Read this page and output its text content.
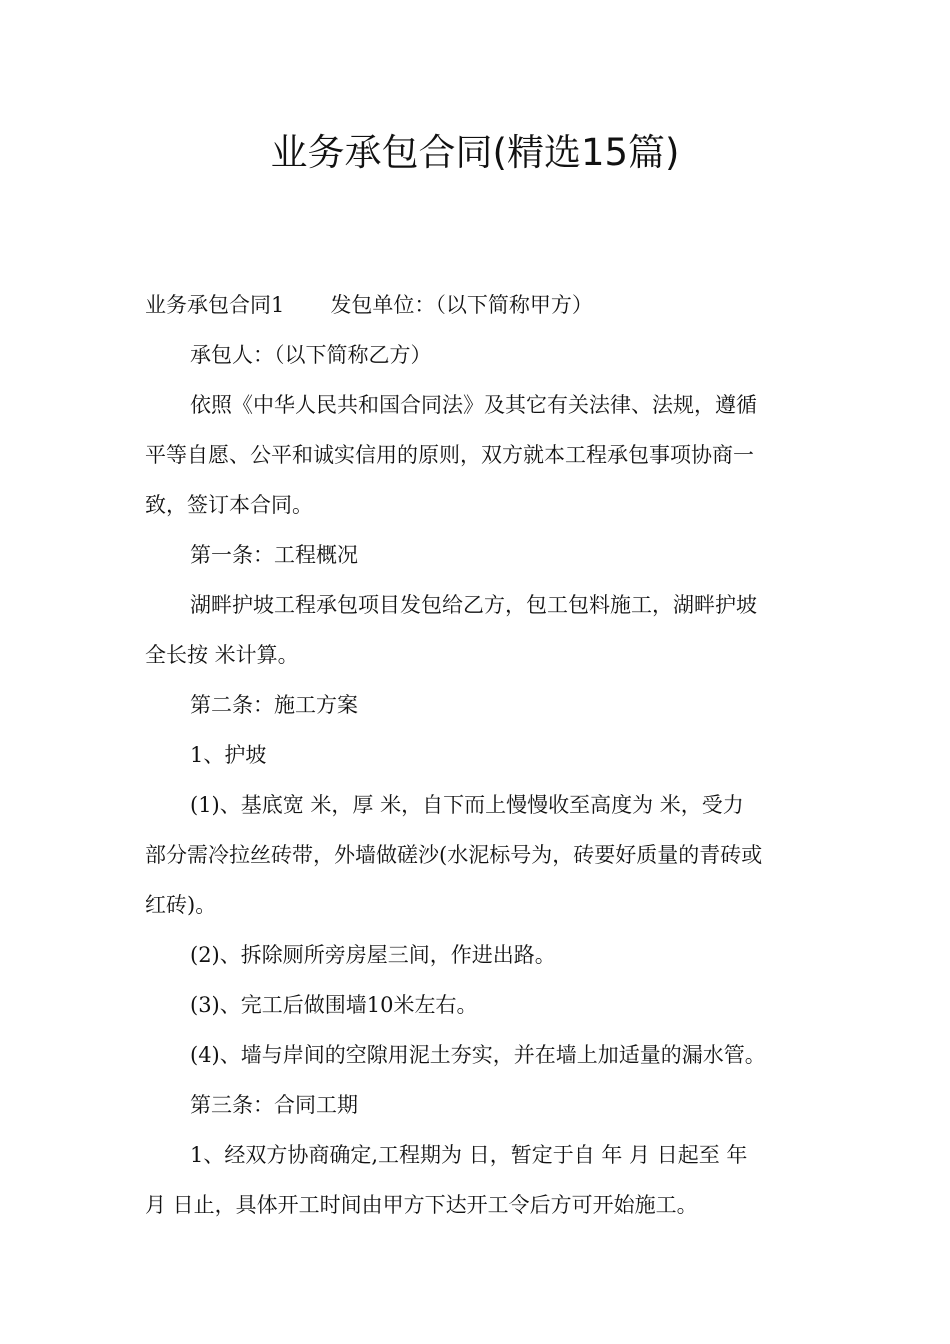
业务承包合同(精选15篇)
业务承包合同1 发包单位：（以下简称甲方）
承包人：（以下简称乙方）
依照《中华人民共和国合同法》及其它有关法律、法规，遵循
平等自愿、公平和诚实信用的原则，双方就本工程承包事项协商一
致，签订本合同。
第一条：工程概况
湖畔护坡工程承包项目发包给乙方，包工包料施工，湖畔护坡
全长按 米计算。
第二条：施工方案
1、护坡
(1)、基底宽 米，厚 米，自下而上慢慢收至高度为 米，受力
部分需冷拉丝砖带，外墙做磋沙(水泥标号为，砖要好质量的青砖或
红砖)。
(2)、拆除厕所旁房屋三间，作进出路。
(3)、完工后做围墙10米左右。
(4)、墙与岸间的空隙用泥土夯实，并在墙上加适量的漏水管。
第三条：合同工期
1、经双方协商确定,工程期为 日，暂定于自 年 月 日起至 年
月 日止，具体开工时间由甲方下达开工令后方可开始施工。
